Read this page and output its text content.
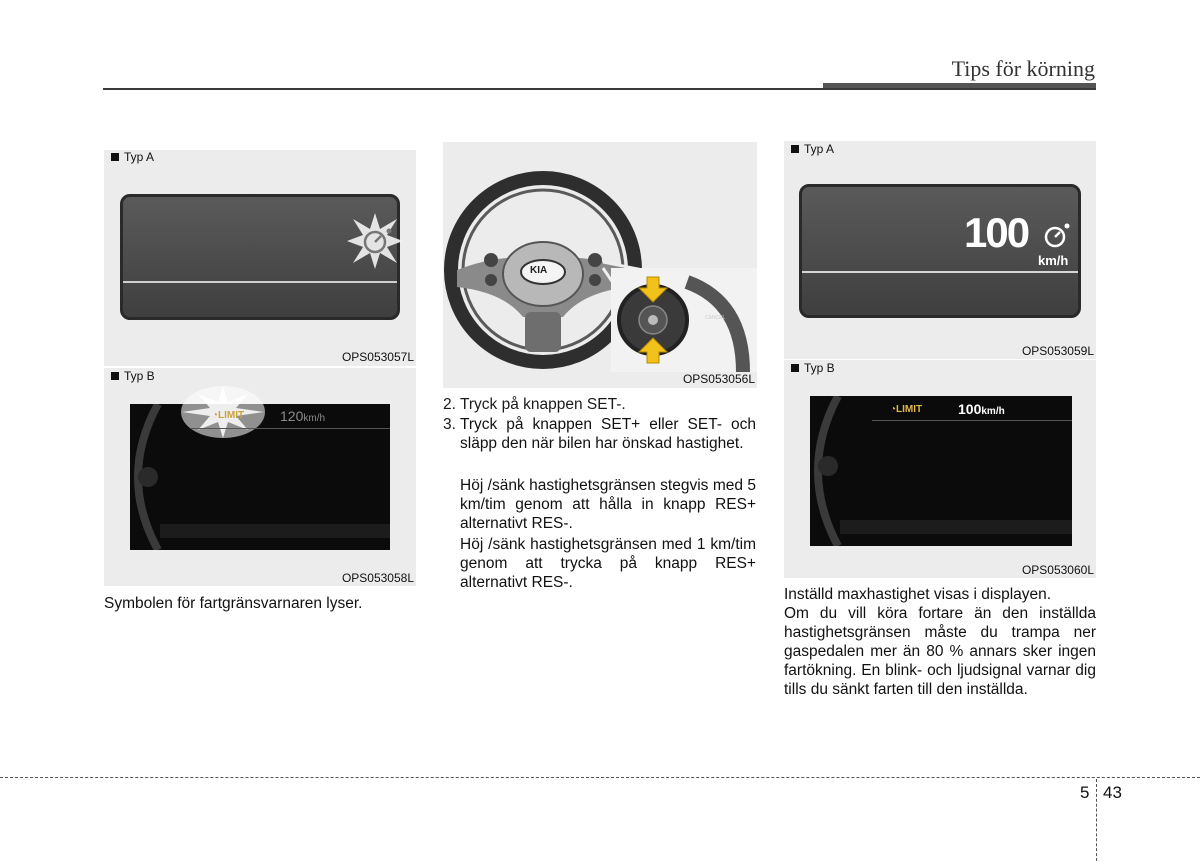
Tips för körning
Typ A
OPS053057L
Typ B
◔LIMIT	120km/h
OPS053058L
Symbolen för fartgränsvarnaren lyser.
KIA
CANCEL
OPS053056L
2. Tryck på knappen SET-.
3. Tryck på knappen SET+ eller SET- och släpp den när bilen har önskad hastighet.
Höj /sänk hastighetsgränsen stegvis med 5 km/tim genom att hålla in knapp RES+ alternativt RES-.
Höj /sänk hastighetsgränsen med 1 km/tim genom att trycka på knapp RES+ alternativt RES-.
Typ A
100
km/h
OPS053059L
Typ B
◔LIMIT	100km/h
OPS053060L
Inställd maxhastighet visas i displayen.
Om du vill köra fortare än den inställda hastighetsgränsen måste du trampa ner gaspedalen mer än 80 % annars sker ingen fartökning. En blink- och ljudsignal varnar dig tills du sänkt farten till den inställda.
5 43
